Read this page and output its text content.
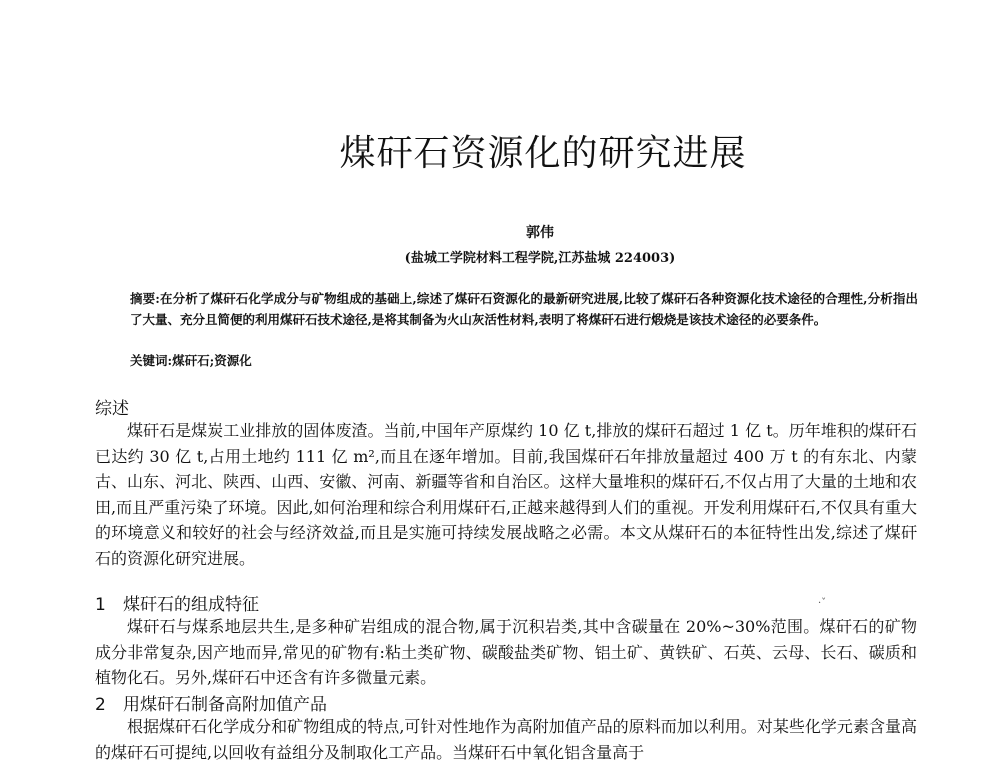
煤矸石资源化的研究进展
郭伟
(盐城工学院材料工程学院,江苏盐城 224003)
摘要:在分析了煤矸石化学成分与矿物组成的基础上,综述了煤矸石资源化的最新研究进展,比较了煤矸石各种资源化技术途径的合理性,分析指出了大量、充分且简便的利用煤矸石技术途径,是将其制备为火山灰活性材料,表明了将煤矸石进行煅烧是该技术途径的必要条件。
关键词:煤矸石;资源化
综述

煤矸石是煤炭工业排放的固体废渣。当前,中国年产原煤约 10 亿 t,排放的煤矸石超过 1 亿 t。历年堆积的煤矸石已达约 30 亿 t,占用土地约 111 亿 m²,而且在逐年增加。目前,我国煤矸石年排放量超过 400 万 t 的有东北、内蒙古、山东、河北、陕西、山西、安徽、河南、新疆等省和自治区。这样大量堆积的煤矸石,不仅占用了大量的土地和农田,而且严重污染了环境。因此,如何治理和综合利用煤矸石,正越来越得到人们的重视。开发利用煤矸石,不仅具有重大的环境意义和较好的社会与经济效益,而且是实施可持续发展战略之必需。本文从煤矸石的本征特性出发,综述了煤矸石的资源化研究进展。

·ˇ
1 煤矸石的组成特征

煤矸石与煤系地层共生,是多种矿岩组成的混合物,属于沉积岩类,其中含碳量在 20%~30%范围。煤矸石的矿物成分非常复杂,因产地而异,常见的矿物有:粘土类矿物、碳酸盐类矿物、铝土矿、黄铁矿、石英、云母、长石、碳质和植物化石。另外,煤矸石中还含有许多微量元素。

2 用煤矸石制备高附加值产品

根据煤矸石化学成分和矿物组成的特点,可针对性地作为高附加值产品的原料而加以利用。对某些化学元素含量高的煤矸石可提纯,以回收有益组分及制取化工产品。当煤矸石中氧化铝含量高于
